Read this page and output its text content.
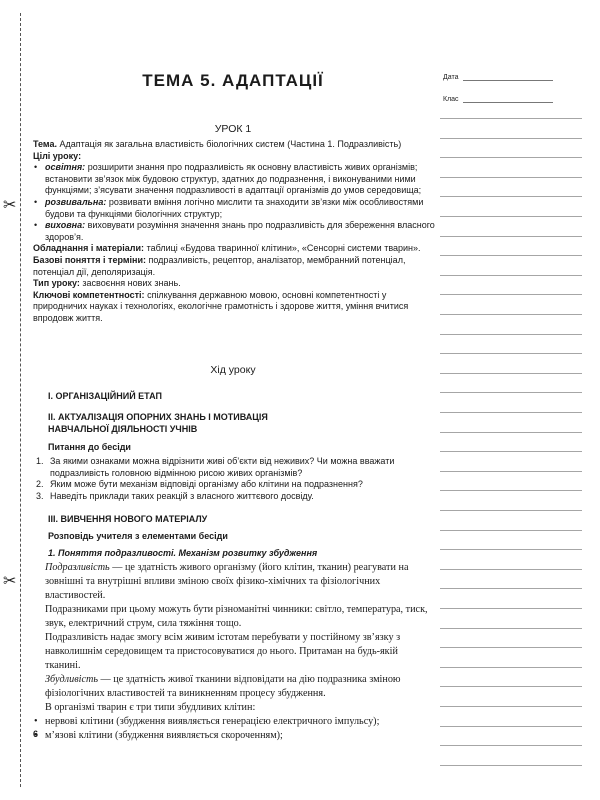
✂
✂
Дата
Клас
ТЕМА 5. АДАПТАЦІЇ
УРОК 1

Тема. Адаптація як загальна властивість біологічних систем (Частина 1. Подразливість)

Цілі уроку:

• освітня: розширити знання про подразливість як основну властивість живих організмів; встановити зв’язок між будовою структур, здатних до подразнення, і виконуваними ними функціями; з’ясувати значення подразливості в адаптації організмів до умов середовища;
• розвивальна: розвивати вміння логічно мислити та знаходити зв’язки між особливостями будови та функціями біологічних структур;
• виховна: виховувати розуміння значення знань про подразливість для збереження власного здоров’я.

Обладнання і матеріали: таблиці «Будова тваринної клітини», «Сенсорні системи тварин».

Базові поняття і терміни: подразливість, рецептор, аналізатор, мембранний потенціал, потенціал дії, деполяризація.

Тип уроку: засвоєння нових знань.

Ключові компетентності: спілкування державною мовою, основні компетентності у природничих науках і технологіях, екологічне грамотність і здорове життя, уміння вчитися впродовж життя.

Хід уроку
I. ОРГАНІЗАЦІЙНИЙ ЕТАП
II. АКТУАЛІЗАЦІЯ ОПОРНИХ ЗНАНЬ І МОТИВАЦІЯ
НАВЧАЛЬНОЇ ДІЯЛЬНОСТІ УЧНІВ
Питання до бесіди
1. За якими ознаками можна відрізнити живі об’єкти від неживих? Чи можна вважати подразливість головною відмінною рисою живих організмів?
2. Яким може бути механізм відповіді організму або клітини на подразнення?
3. Наведіть приклади таких реакцій з власного життєвого досвіду.
III. ВИВЧЕННЯ НОВОГО МАТЕРІАЛУ
Розповідь учителя з елементами бесіди
1. Поняття подразливості. Механізм розвитку збудження

Подразливість — це здатність живого організму (його клітин, тканин) реагувати на зовнішні та внутрішні впливи зміною своїх фізико-хімічних та фізіологічних властивостей.

Подразниками при цьому можуть бути різноманітні чинники: світло, температура, тиск, звук, електричний струм, сила тяжіння тощо.

Подразливість надає змогу всім живим істотам перебувати у постійному зв’язку з навколишнім середовищем та пристосовуватися до нього. Притаман на будь-якій тканині.

Збудливість — це здатність живої тканини відповідати на дію подразника зміною фізіологічних властивостей та виникненням процесу збудження.

В організмі тварин є три типи збудливих клітин:

• нервові клітини (збудження виявляється генерацією електричного імпульсу);
• м’язові клітини (збудження виявляється скороченням);
6
